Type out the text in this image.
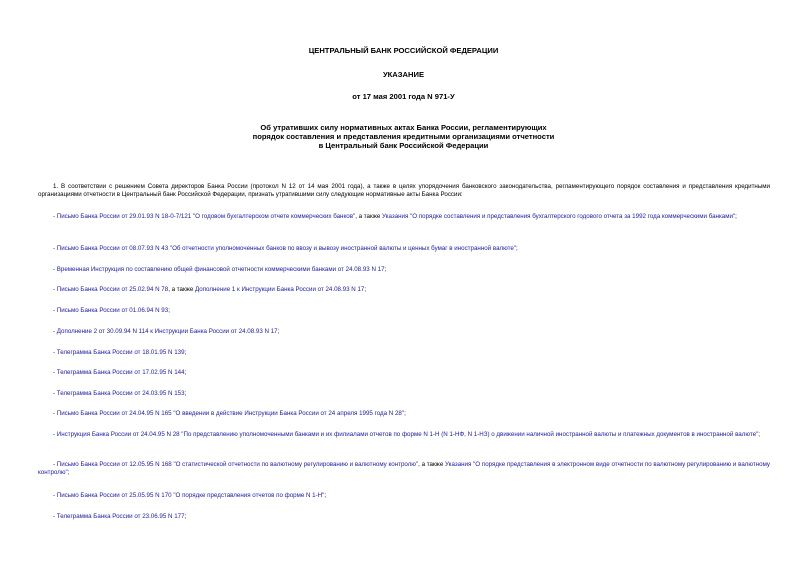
ЦЕНТРАЛЬНЫЙ БАНК РОССИЙСКОЙ ФЕДЕРАЦИИ
УКАЗАНИЕ
от 17 мая 2001 года N 971-У
Об утративших силу нормативных актах Банка России, регламентирующих
порядок составления и представления кредитными организациями отчетности
в Центральный банк Российской Федерации
1. В соответствии с решением Совета директоров Банка России (протокол N 12 от 14 мая 2001 года), а также в целях упорядочения банковского законодательства, регламентирующего порядок составления и представления кредитными организациями отчетности в Центральный банк Российской Федерации, признать утратившими силу следующие нормативные акты Банка России:
- Письмо Банка России от 29.01.93 N 18-0-7/121 "О годовом бухгалтерском отчете коммерческих банков", а также Указания "О порядке составления и представления бухгалтерского годового отчета за 1992 года коммерческими банками";
- Письмо Банка России от 08.07.93 N 43 "Об отчетности уполномоченных банков по ввозу и вывозу иностранной валюты и ценных бумаг в иностранной валюте";
- Временная Инструкция по составлению общей финансовой отчетности коммерческими банками от 24.08.93 N 17;
- Письмо Банка России от 25.02.94 N 78, а также Дополнение 1 к Инструкции Банка России от 24.08.93 N 17;
- Письмо Банка России от 01.06.94 N 93;
- Дополнение 2 от 30.09.94 N 114 к Инструкции Банка России от 24.08.93 N 17;
- Телеграмма Банка России от 18.01.95 N 139;
- Телеграмма Банка России от 17.02.95 N 144;
- Телеграмма Банка России от 24.03.95 N 153;
- Письмо Банка России от 24.04.95 N 165 "О введении в действие Инструкции Банка России от 24 апреля 1995 года N 28";
- Инструкция Банка России от 24.04.95 N 28 "По представлению уполномоченными банками и их филиалами отчетов по форме N 1-Н (N 1-НФ, N 1-НЗ) о движении наличной иностранной валюты и платежных документов в иностранной валюте";
- Письмо Банка России от 12.05.95 N 168 "О статистической отчетности по валютному регулированию и валютному контролю", а также Указания "О порядке представления в электронном виде отчетности по валютному регулированию и валютному контролю";
- Письмо Банка России от 25.05.95 N 170 "О порядке представления отчетов по форме N 1-Н";
- Телеграмма Банка России от 23.06.95 N 177;
